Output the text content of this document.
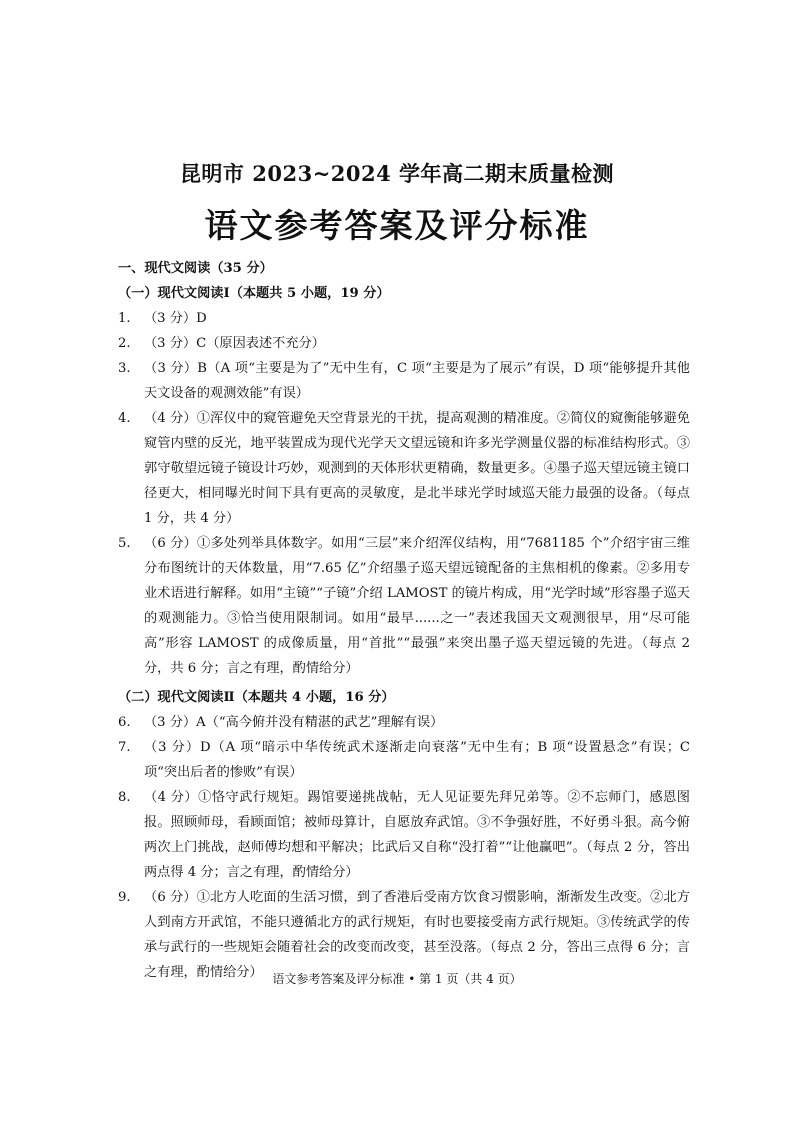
昆明市 2023~2024 学年高二期末质量检测
语文参考答案及评分标准
一、现代文阅读（35 分）
（一）现代文阅读Ⅰ（本题共 5 小题，19 分）
1.	（3 分）D
2.	（3 分）C（原因表述不充分）
3.	（3 分）B（A 项“主要是为了”无中生有，C 项“主要是为了展示”有误，D 项“能够提升其他天文设备的观测效能”有误）
4.	（4 分）①浑仪中的窥管避免天空背景光的干扰，提高观测的精准度。②简仪的窥衡能够避免窥管内壁的反光，地平装置成为现代光学天文望远镜和许多光学测量仪器的标准结构形式。③郭守敬望远镜子镜设计巧妙，观测到的天体形状更精确，数量更多。④墨子巡天望远镜主镜口径更大，相同曝光时间下具有更高的灵敏度，是北半球光学时域巡天能力最强的设备。（每点 1 分，共 4 分）
5.	（6 分）①多处列举具体数字。如用“三层”来介绍浑仪结构，用“7681185 个”介绍宇宙三维分布图统计的天体数量，用“7.65 亿”介绍墨子巡天望远镜配备的主焦相机的像素。②多用专业术语进行解释。如用“主镜”“子镜”介绍 LAMOST 的镜片构成，用“光学时域”形容墨子巡天的观测能力。③恰当使用限制词。如用“最早......之一”表述我国天文观测很早，用“尽可能高”形容 LAMOST 的成像质量，用“首批”“最强”来突出墨子巡天望远镜的先进。（每点 2 分，共 6 分；言之有理，酌情给分）
（二）现代文阅读Ⅱ（本题共 4 小题，16 分）
6.	（3 分）A（“高今俯并没有精湛的武艺”理解有误）
7.	（3 分）D（A 项“暗示中华传统武术逐渐走向衰落”无中生有；B 项“设置悬念”有误；C 项“突出后者的惨败”有误）
8.	（4 分）①恪守武行规矩。踢馆要递挑战帖，无人见证要先拜兄弟等。②不忘师门，感恩图报。照顾师母，看顾面馆；被师母算计，自愿放弃武馆。③不争强好胜，不好勇斗狠。高今俯两次上门挑战，赵师傅均想和平解决；比武后又自称“没打着”“让他赢吧”。（每点 2 分，答出两点得 4 分；言之有理，酌情给分）
9.	（6 分）①北方人吃面的生活习惯，到了香港后受南方饮食习惯影响，渐渐发生改变。②北方人到南方开武馆，不能只遵循北方的武行规矩，有时也要接受南方武行规矩。③传统武学的传承与武行的一些规矩会随着社会的改变而改变，甚至没落。（每点 2 分，答出三点得 6 分；言之有理，酌情给分） 语文参考答案及评分标准 • 第 1 页（共 4 页）
